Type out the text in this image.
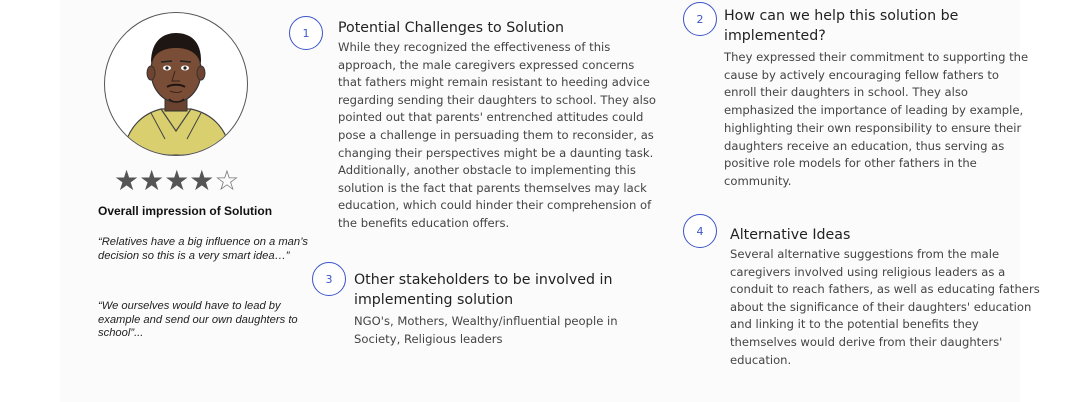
★★★★☆
Overall impression of Solution
“Relatives have a big influence on a man’s decision so this is a very smart idea…”
“We ourselves would have to lead by example and send our own daughters to school”...
1	Potential Challenges to Solution
While they recognized the effectiveness of this approach, the male caregivers expressed concerns that fathers might remain resistant to heeding advice regarding sending their daughters to school. They also pointed out that parents' entrenched attitudes could pose a challenge in persuading them to reconsider, as changing their perspectives might be a daunting task. Additionally, another obstacle to implementing this solution is the fact that parents themselves may lack education, which could hinder their comprehension of the benefits education offers.
2	How can we help this solution be implemented?
They expressed their commitment to supporting the cause by actively encouraging fellow fathers to enroll their daughters in school. They also emphasized the importance of leading by example, highlighting their own responsibility to ensure their daughters receive an education, thus serving as positive role models for other fathers in the community.
3	Other stakeholders to be involved in implementing solution
NGO's, Mothers, Wealthy/influential people in Society, Religious leaders
4	Alternative Ideas
Several alternative suggestions from the male caregivers involved using religious leaders as a conduit to reach fathers, as well as educating fathers about the significance of their daughters' education and linking it to the potential benefits they themselves would derive from their daughters' education.
